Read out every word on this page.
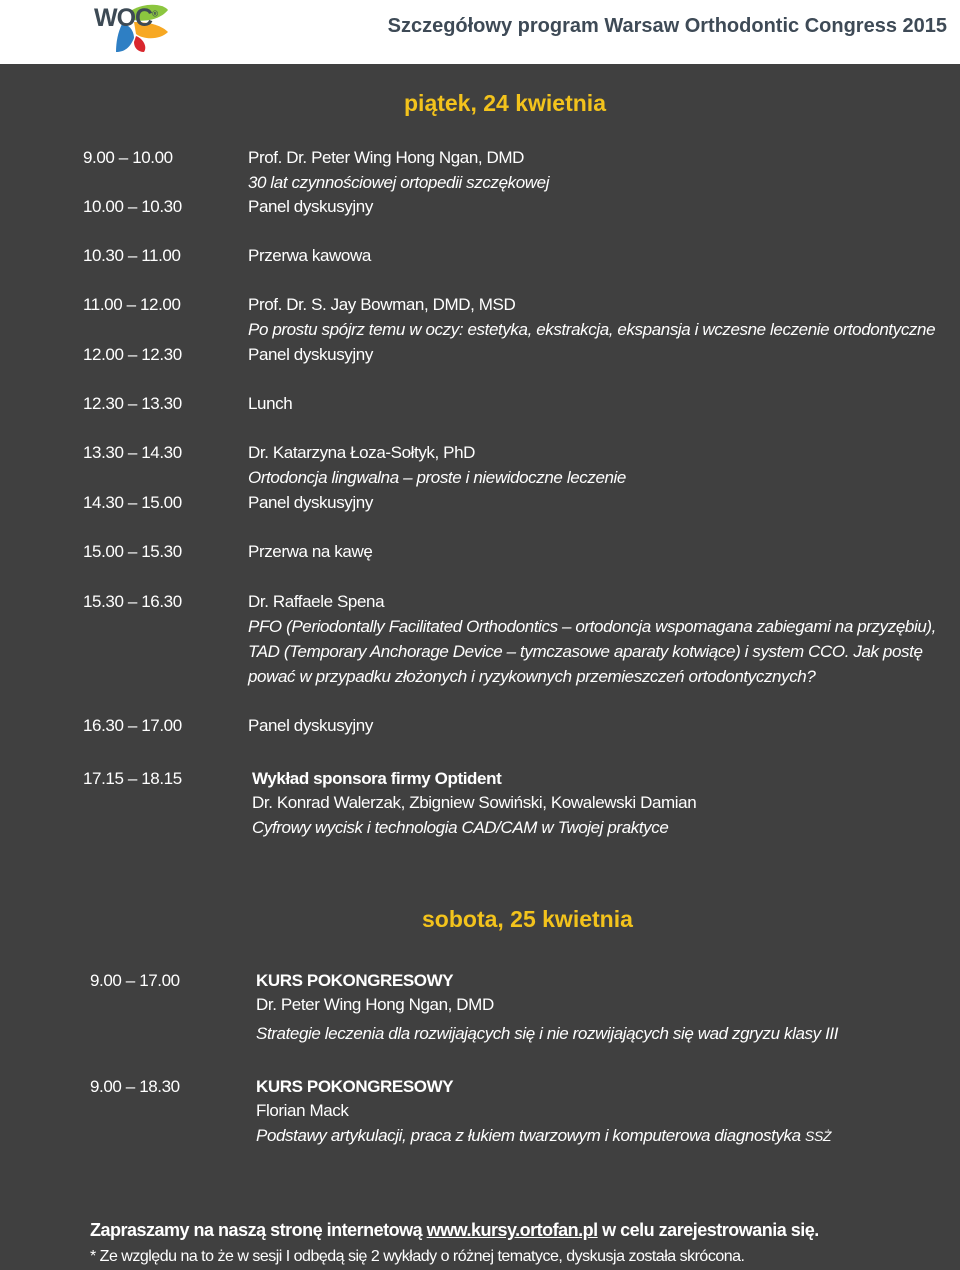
WOC®
Szczegółowy program Warsaw Orthodontic Congress 2015
piątek, 24 kwietnia
9.00 – 10.00	Prof. Dr. Peter Wing Hong Ngan, DMD
30 lat czynnościowej ortopedii szczękowej
10.00 – 10.30	Panel dyskusyjny
10.30 – 11.00	Przerwa kawowa
11.00 – 12.00	Prof. Dr. S. Jay Bowman, DMD, MSD
Po prostu spójrz temu w oczy: estetyka, ekstrakcja, ekspansja i wczesne leczenie ortodontyczne
12.00 – 12.30	Panel dyskusyjny
12.30 – 13.30	Lunch
13.30 – 14.30	Dr. Katarzyna Łoza-Sołtyk, PhD
Ortodoncja lingwalna – proste i niewidoczne leczenie
14.30 – 15.00	Panel dyskusyjny
15.00 – 15.30	Przerwa na kawę
15.30 – 16.30	Dr. Raffaele Spena
PFO (Periodontally Facilitated Orthodontics – ortodoncja wspomagana zabiegami na przyzębiu),
TAD (Temporary Anchorage Device – tymczasowe aparaty kotwiące) i system CCO. Jak postę
pować w przypadku złożonych i ryzykownych przemieszczeń ortodontycznych?
16.30 – 17.00	Panel dyskusyjny
17.15 – 18.15	Wykład sponsora firmy Optident
Dr. Konrad Walerzak, Zbigniew Sowiński, Kowalewski Damian
Cyfrowy wycisk i technologia CAD/CAM w Twojej praktyce
sobota, 25 kwietnia
9.00 – 17.00	KURS POKONGRESOWY
Dr. Peter Wing Hong Ngan, DMD
Strategie leczenia dla rozwijających się i nie rozwijających się wad zgryzu klasy III
9.00 – 18.30	KURS POKONGRESOWY
Florian Mack
Podstawy artykulacji, praca z łukiem twarzowym i komputerowa diagnostyka SSŻ
Zapraszamy na naszą stronę internetową www.kursy.ortofan.pl w celu zarejestrowania się.
* Ze względu na to że w sesji I odbędą się 2 wykłady o różnej tematyce, dyskusja została skrócona.
